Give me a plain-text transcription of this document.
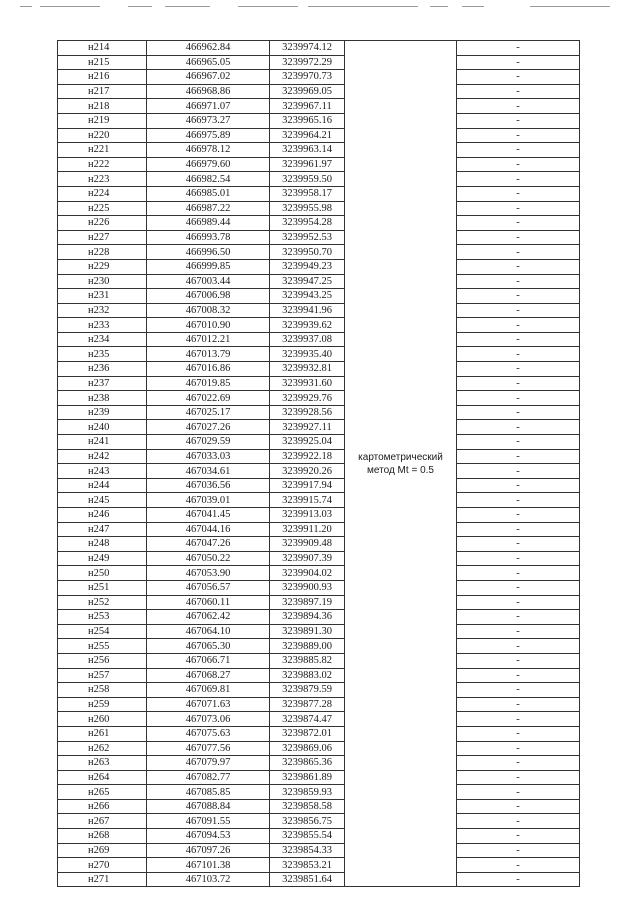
н214	466962.84	3239974.12	картометрический метод Mt = 0.5	-
н215	466965.05	3239972.29		-
н216	466967.02	3239970.73		-
н217	466968.86	3239969.05		-
н218	466971.07	3239967.11		-
н219	466973.27	3239965.16		-
н220	466975.89	3239964.21		-
н221	466978.12	3239963.14		-
н222	466979.60	3239961.97		-
н223	466982.54	3239959.50		-
н224	466985.01	3239958.17		-
н225	466987.22	3239955.98		-
н226	466989.44	3239954.28		-
н227	466993.78	3239952.53		-
н228	466996.50	3239950.70		-
н229	466999.85	3239949.23		-
н230	467003.44	3239947.25		-
н231	467006.98	3239943.25		-
н232	467008.32	3239941.96		-
н233	467010.90	3239939.62		-
н234	467012.21	3239937.08		-
н235	467013.79	3239935.40		-
н236	467016.86	3239932.81		-
н237	467019.85	3239931.60		-
н238	467022.69	3239929.76		-
н239	467025.17	3239928.56		-
н240	467027.26	3239927.11		-
н241	467029.59	3239925.04		-
н242	467033.03	3239922.18		-
н243	467034.61	3239920.26		-
н244	467036.56	3239917.94		-
н245	467039.01	3239915.74		-
н246	467041.45	3239913.03		-
н247	467044.16	3239911.20		-
н248	467047.26	3239909.48		-
н249	467050.22	3239907.39		-
н250	467053.90	3239904.02		-
н251	467056.57	3239900.93		-
н252	467060.11	3239897.19		-
н253	467062.42	3239894.36		-
н254	467064.10	3239891.30		-
н255	467065.30	3239889.00		-
н256	467066.71	3239885.82		-
н257	467068.27	3239883.02		-
н258	467069.81	3239879.59		-
н259	467071.63	3239877.28		-
н260	467073.06	3239874.47		-
н261	467075.63	3239872.01		-
н262	467077.56	3239869.06		-
н263	467079.97	3239865.36		-
н264	467082.77	3239861.89		-
н265	467085.85	3239859.93		-
н266	467088.84	3239858.58		-
н267	467091.55	3239856.75		-
н268	467094.53	3239855.54		-
н269	467097.26	3239854.33		-
н270	467101.38	3239853.21		-
н271	467103.72	3239851.64		-
